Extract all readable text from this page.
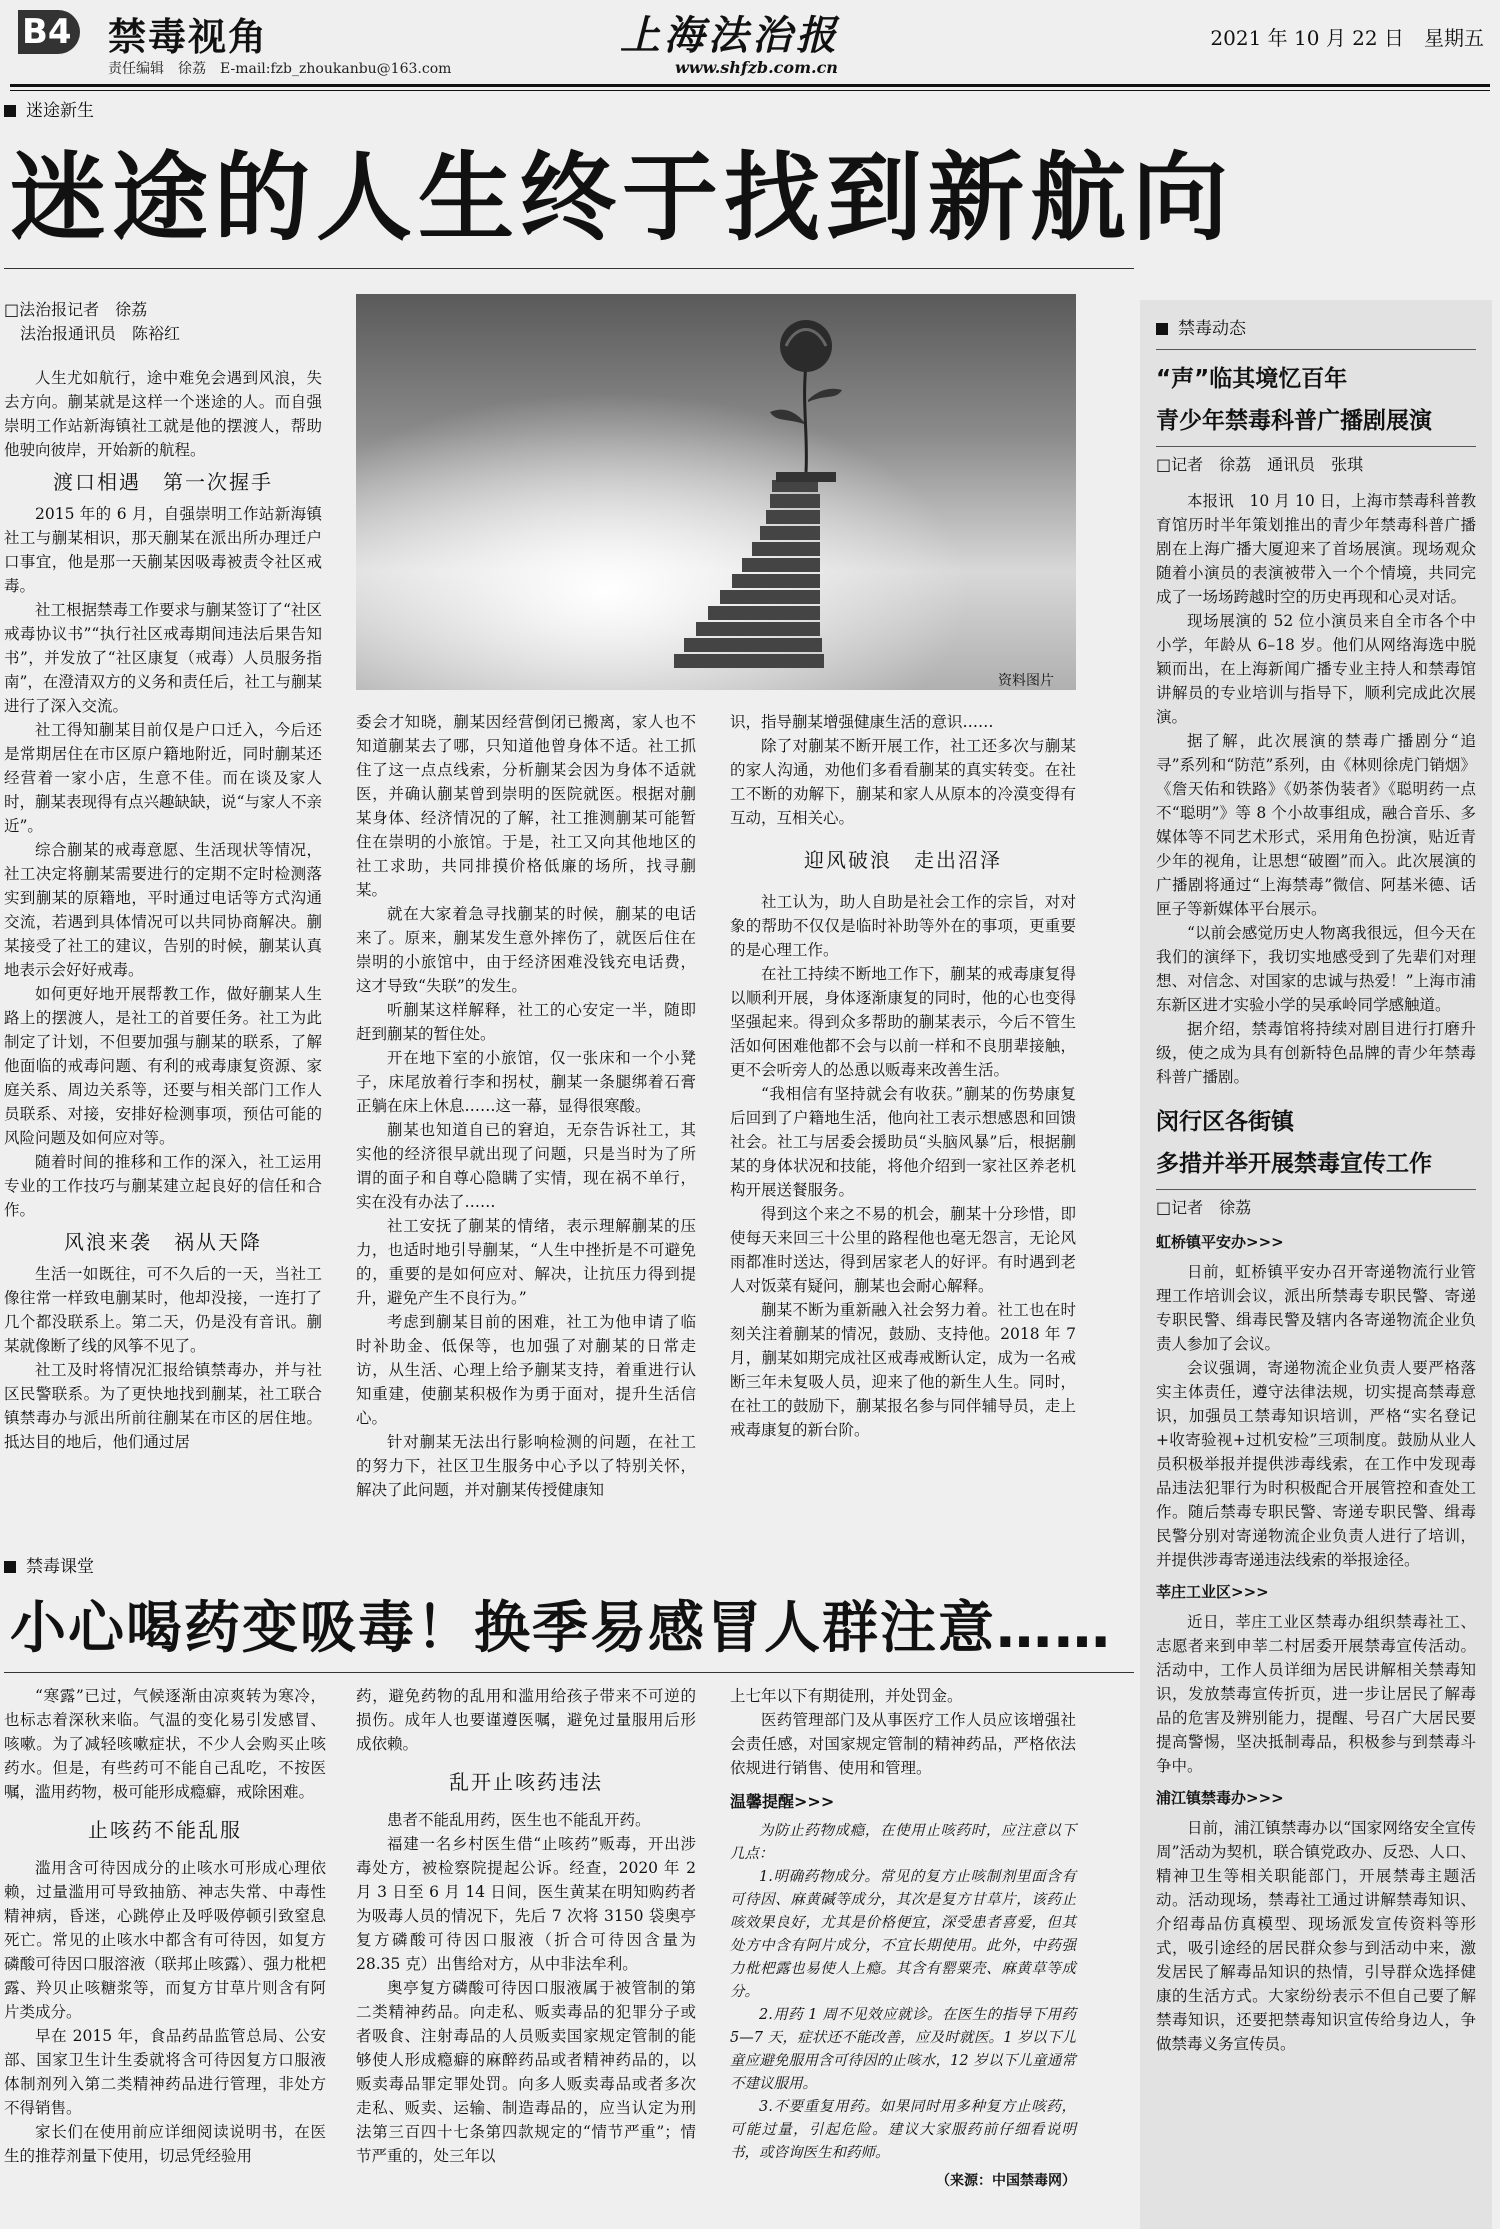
B4 禁毒视角
责任编辑　徐荔　E-mail:fzb_zhoukanbu@163.com
上海法治报
www.shfzb.com.cn
2021 年 10 月 22 日　星期五
迷途新生
迷途的人生终于找到新航向
□法治报记者　徐荔
　法治报通讯员　陈裕红

人生尤如航行，途中难免会遇到风浪，失去方向。蒯某就是这样一个迷途的人。而自强崇明工作站新海镇社工就是他的摆渡人，帮助他驶向彼岸，开始新的航程。

渡口相遇　第一次握手

2015 年的 6 月，自强崇明工作站新海镇社工与蒯某相识，那天蒯某在派出所办理迁户口事宜，他是那一天蒯某因吸毒被责令社区戒毒。

社工根据禁毒工作要求与蒯某签订了“社区戒毒协议书”“执行社区戒毒期间违法后果告知书”，并发放了“社区康复（戒毒）人员服务指南”，在澄清双方的义务和责任后，社工与蒯某进行了深入交流。

社工得知蒯某目前仅是户口迁入，今后还是常期居住在市区原户籍地附近，同时蒯某还经营着一家小店，生意不佳。而在谈及家人时，蒯某表现得有点兴趣缺缺，说“与家人不亲近”。

综合蒯某的戒毒意愿、生活现状等情况，社工决定将蒯某需要进行的定期不定时检测落实到蒯某的原籍地，平时通过电话等方式沟通交流，若遇到具体情况可以共同协商解决。蒯某接受了社工的建议，告别的时候，蒯某认真地表示会好好戒毒。

如何更好地开展帮教工作，做好蒯某人生路上的摆渡人，是社工的首要任务。社工为此制定了计划，不但要加强与蒯某的联系，了解他面临的戒毒问题、有利的戒毒康复资源、家庭关系、周边关系等，还要与相关部门工作人员联系、对接，安排好检测事项，预估可能的风险问题及如何应对等。

随着时间的推移和工作的深入，社工运用专业的工作技巧与蒯某建立起良好的信任和合作。

风浪来袭　祸从天降

生活一如既往，可不久后的一天，当社工像往常一样致电蒯某时，他却没接，一连打了几个都没联系上。第二天，仍是没有音讯。蒯某就像断了线的风筝不见了。

社工及时将情况汇报给镇禁毒办，并与社区民警联系。为了更快地找到蒯某，社工联合镇禁毒办与派出所前往蒯某在市区的居住地。抵达目的地后，他们通过居

资料图片

委会才知晓，蒯某因经营倒闭已搬离，家人也不知道蒯某去了哪，只知道他曾身体不适。社工抓住了这一点点线索，分析蒯某会因为身体不适就医，并确认蒯某曾到崇明的医院就医。根据对蒯某身体、经济情况的了解，社工推测蒯某可能暂住在崇明的小旅馆。于是，社工又向其他地区的社工求助，共同排摸价格低廉的场所，找寻蒯某。

就在大家着急寻找蒯某的时候，蒯某的电话来了。原来，蒯某发生意外摔伤了，就医后住在崇明的小旅馆中，由于经济困难没钱充电话费，这才导致“失联”的发生。

听蒯某这样解释，社工的心安定一半，随即赶到蒯某的暂住处。

开在地下室的小旅馆，仅一张床和一个小凳子，床尾放着行李和拐杖，蒯某一条腿绑着石膏正躺在床上休息……这一幕，显得很寒酸。

蒯某也知道自已的窘迫，无奈告诉社工，其实他的经济很早就出现了问题，只是当时为了所谓的面子和自尊心隐瞒了实情，现在祸不单行，实在没有办法了……

社工安抚了蒯某的情绪，表示理解蒯某的压力，也适时地引导蒯某，“人生中挫折是不可避免的，重要的是如何应对、解决，让抗压力得到提升，避免产生不良行为。”

考虑到蒯某目前的困难，社工为他申请了临时补助金、低保等，也加强了对蒯某的日常走访，从生活、心理上给予蒯某支持，着重进行认知重建，使蒯某积极作为勇于面对，提升生活信心。

针对蒯某无法出行影响检测的问题，在社工的努力下，社区卫生服务中心予以了特别关怀，解决了此问题，并对蒯某传授健康知

识，指导蒯某增强健康生活的意识……

除了对蒯某不断开展工作，社工还多次与蒯某的家人沟通，劝他们多看看蒯某的真实转变。在社工不断的劝解下，蒯某和家人从原本的冷漠变得有互动，互相关心。

迎风破浪　走出沼泽

社工认为，助人自助是社会工作的宗旨，对对象的帮助不仅仅是临时补助等外在的事项，更重要的是心理工作。

在社工持续不断地工作下，蒯某的戒毒康复得以顺利开展，身体逐渐康复的同时，他的心也变得坚强起来。得到众多帮助的蒯某表示，今后不管生活如何困难他都不会与以前一样和不良朋辈接触，更不会听旁人的怂恿以贩毒来改善生活。

“我相信有坚持就会有收获。”蒯某的伤势康复后回到了户籍地生活，他向社工表示想感恩和回馈社会。社工与居委会援助员“头脑风暴”后，根据蒯某的身体状况和技能，将他介绍到一家社区养老机构开展送餐服务。

得到这个来之不易的机会，蒯某十分珍惜，即使每天来回三十公里的路程他也毫无怨言，无论风雨都准时送达，得到居家老人的好评。有时遇到老人对饭菜有疑问，蒯某也会耐心解释。

蒯某不断为重新融入社会努力着。社工也在时刻关注着蒯某的情况，鼓励、支持他。2018 年 7 月，蒯某如期完成社区戒毒戒断认定，成为一名戒断三年未复吸人员，迎来了他的新生人生。同时，在社工的鼓励下，蒯某报名参与同伴辅导员，走上戒毒康复的新台阶。

禁毒课堂
小心喝药变吸毒！换季易感冒人群注意……

“寒露”已过，气候逐渐由凉爽转为寒冷，也标志着深秋来临。气温的变化易引发感冒、咳嗽。为了减轻咳嗽症状，不少人会购买止咳药水。但是，有些药可不能自己乱吃，不按医嘱，滥用药物，极可能形成瘾癖，戒除困难。

止咳药不能乱服

滥用含可待因成分的止咳水可形成心理依赖，过量滥用可导致抽筋、神志失常、中毒性精神病，昏迷，心跳停止及呼吸停顿引致窒息死亡。常见的止咳水中都含有可待因，如复方磷酸可待因口服溶液（联邦止咳露）、强力枇杷露、羚贝止咳糖浆等，而复方甘草片则含有阿片类成分。

早在 2015 年，食品药品监管总局、公安部、国家卫生计生委就将含可待因复方口服液体制剂列入第二类精神药品进行管理，非处方不得销售。

家长们在使用前应详细阅读说明书，在医生的推荐剂量下使用，切忌凭经验用

药，避免药物的乱用和滥用给孩子带来不可逆的损伤。成年人也要谨遵医嘱，避免过量服用后形成依赖。

乱开止咳药违法

患者不能乱用药，医生也不能乱开药。

福建一名乡村医生借“止咳药”贩毒，开出涉毒处方，被检察院提起公诉。经查，2020 年 2 月 3 日至 6 月 14 日间，医生黄某在明知购药者为吸毒人员的情况下，先后 7 次将 3150 袋奥亭复方磷酸可待因口服液（折合可待因含量为 28.35 克）出售给对方，从中非法牟利。

奥亭复方磷酸可待因口服液属于被管制的第二类精神药品。向走私、贩卖毒品的犯罪分子或者吸食、注射毒品的人员贩卖国家规定管制的能够使人形成瘾癖的麻醉药品或者精神药品的，以贩卖毒品罪定罪处罚。向多人贩卖毒品或者多次走私、贩卖、运输、制造毒品的，应当认定为刑法第三百四十七条第四款规定的“情节严重”；情节严重的，处三年以

上七年以下有期徒刑，并处罚金。

医药管理部门及从事医疗工作人员应该增强社会责任感，对国家规定管制的精神药品，严格依法依规进行销售、使用和管理。

温馨提醒>>>

为防止药物成瘾，在使用止咳药时，应注意以下几点：

1.明确药物成分。常见的复方止咳制剂里面含有可待因、麻黄碱等成分，其次是复方甘草片，该药止咳效果良好，尤其是价格便宜，深受患者喜爱，但其处方中含有阿片成分，不宜长期使用。此外，中药强力枇杷露也易使人上瘾。其含有罂粟壳、麻黄草等成分。

2.用药 1 周不见效应就诊。在医生的指导下用药 5—7 天，症状还不能改善，应及时就医。1 岁以下儿童应避免服用含可待因的止咳水，12 岁以下儿童通常不建议服用。

3.不要重复用药。如果同时用多种复方止咳药，可能过量，引起危险。建议大家服药前仔细看说明书，或咨询医生和药师。

（来源：中国禁毒网）
禁毒动态
“声”临其境忆百年
青少年禁毒科普广播剧展演
□记者　徐荔　通讯员　张琪

本报讯　10 月 10 日，上海市禁毒科普教育馆历时半年策划推出的青少年禁毒科普广播剧在上海广播大厦迎来了首场展演。现场观众随着小演员的表演被带入一个个情境，共同完成了一场场跨越时空的历史再现和心灵对话。

现场展演的 52 位小演员来自全市各个中小学，年龄从 6–18 岁。他们从网络海选中脱颖而出，在上海新闻广播专业主持人和禁毒馆讲解员的专业培训与指导下，顺利完成此次展演。

据了解，此次展演的禁毒广播剧分“追寻”系列和“防范”系列，由《林则徐虎门销烟》《詹天佑和铁路》《奶茶伪装者》《聪明药一点不“聪明”》等 8 个小故事组成，融合音乐、多媒体等不同艺术形式，采用角色扮演，贴近青少年的视角，让思想“破圈”而入。此次展演的广播剧将通过“上海禁毒”微信、阿基米德、话匣子等新媒体平台展示。

“以前会感觉历史人物离我很远，但今天在我们的演绎下，我切实地感受到了先辈们对理想、对信念、对国家的忠诚与热爱！”上海市浦东新区进才实验小学的吴承岭同学感触道。

据介绍，禁毒馆将持续对剧目进行打磨升级，使之成为具有创新特色品牌的青少年禁毒科普广播剧。

闵行区各街镇
多措并举开展禁毒宣传工作
□记者　徐荔
虹桥镇平安办>>>

日前，虹桥镇平安办召开寄递物流行业管理工作培训会议，派出所禁毒专职民警、寄递专职民警、缉毒民警及辖内各寄递物流企业负责人参加了会议。

会议强调，寄递物流企业负责人要严格落实主体责任，遵守法律法规，切实提高禁毒意识，加强员工禁毒知识培训，严格“实名登记+收寄验视+过机安检”三项制度。鼓励从业人员积极举报并提供涉毒线索，在工作中发现毒品违法犯罪行为时积极配合开展管控和查处工作。随后禁毒专职民警、寄递专职民警、缉毒民警分别对寄递物流企业负责人进行了培训，并提供涉毒寄递违法线索的举报途径。

莘庄工业区>>>

近日，莘庄工业区禁毒办组织禁毒社工、志愿者来到申莘二村居委开展禁毒宣传活动。活动中，工作人员详细为居民讲解相关禁毒知识，发放禁毒宣传折页，进一步让居民了解毒品的危害及辨别能力，提醒、号召广大居民要提高警惕，坚决抵制毒品，积极参与到禁毒斗争中。

浦江镇禁毒办>>>

日前，浦江镇禁毒办以“国家网络安全宣传周”活动为契机，联合镇党政办、反恐、人口、精神卫生等相关职能部门，开展禁毒主题活动。活动现场，禁毒社工通过讲解禁毒知识、介绍毒品仿真模型、现场派发宣传资料等形式，吸引途经的居民群众参与到活动中来，激发居民了解毒品知识的热情，引导群众选择健康的生活方式。大家纷纷表示不但自己要了解禁毒知识，还要把禁毒知识宣传给身边人，争做禁毒义务宣传员。
